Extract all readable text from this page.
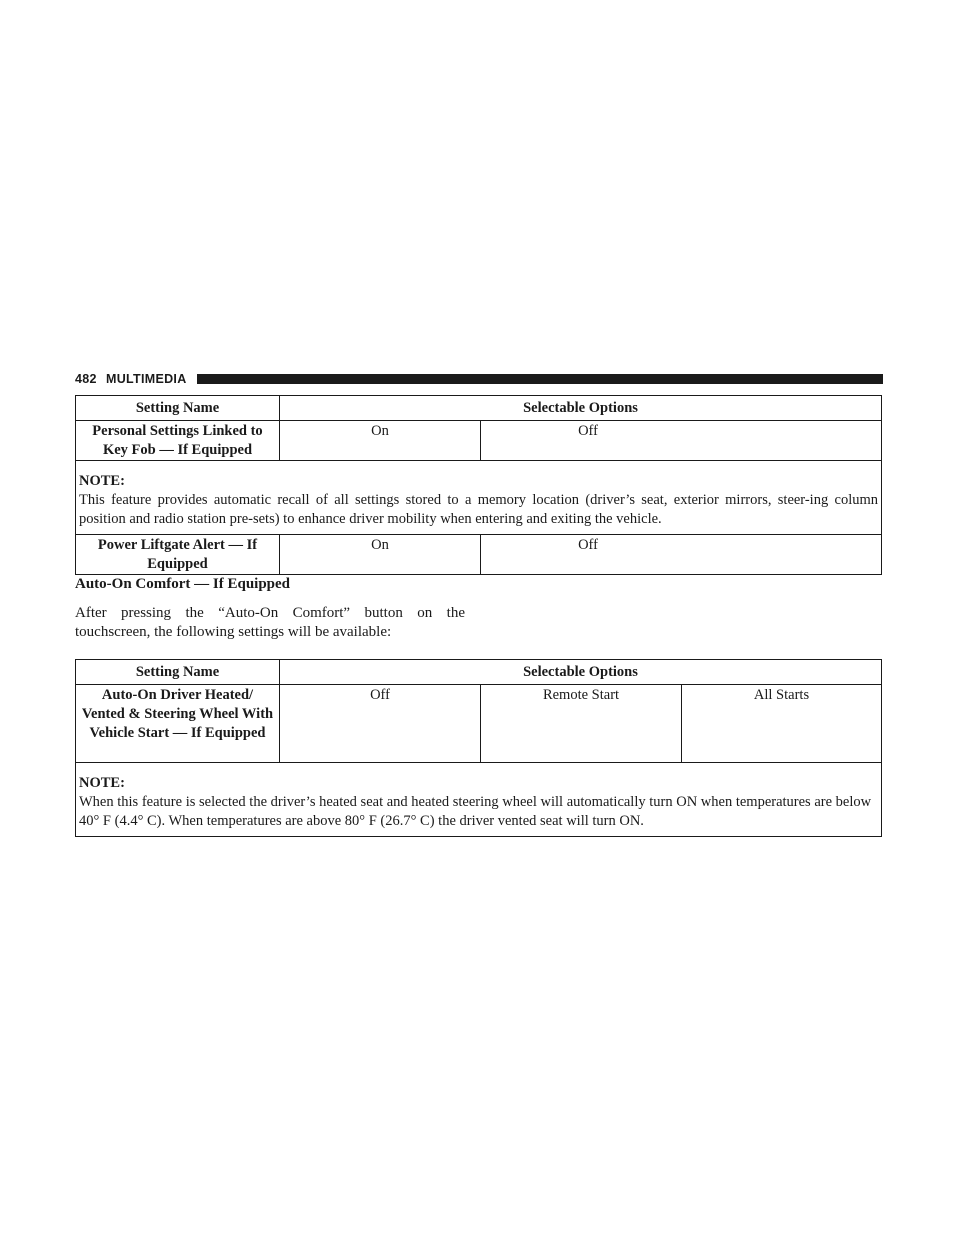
482 MULTIMEDIA
Setting Name	Selectable Options	
Personal Settings Linked to Key Fob — If Equipped	On	Off

NOTE:
This feature provides automatic recall of all settings stored to a memory location (driver’s seat, exterior mirrors, steer-ing column position and radio station pre-sets) to enhance driver mobility when entering and exiting the vehicle.		

Power Liftgate Alert — If Equipped	On	Off
Auto-On Comfort — If Equipped
After pressing the “Auto-On Comfort” button on the touchscreen, the following settings will be available:
Setting Name	Selectable Options		
Auto-On Driver Heated/ Vented & Steering Wheel With Vehicle Start — If Equipped	Off	Remote Start	All Starts

NOTE:
When this feature is selected the driver’s heated seat and heated steering wheel will automatically turn ON when temperatures are below 40° F (4.4° C). When temperatures are above 80° F (26.7° C) the driver vented seat will turn ON.			
